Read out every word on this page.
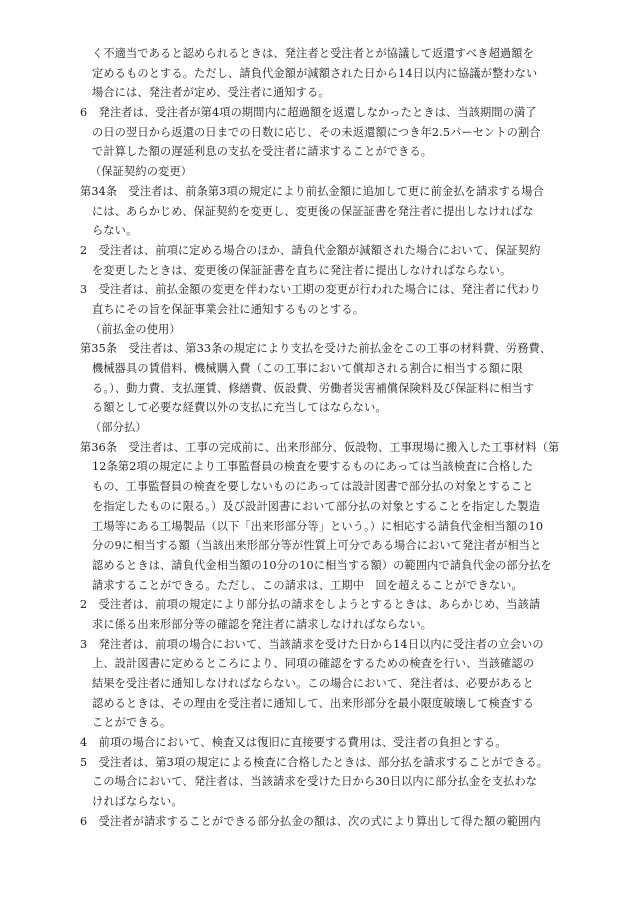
く不適当であると認められるときは、発注者と受注者とが協議して返還すべき超過額を
定めるものとする。ただし、請負代金額が減額された日から14日以内に協議が整わない
場合には、発注者が定め、受注者に通知する。
6　発注者は、受注者が第4項の期間内に超過額を返還しなかったときは、当該期間の満了
の日の翌日から返還の日までの日数に応じ、その未返還額につき年2.5パーセントの割合
で計算した額の遅延利息の支払を受注者に請求することができる。
（保証契約の変更）
第34条　受注者は、前条第3項の規定により前払金額に追加して更に前金払を請求する場合
には、あらかじめ、保証契約を変更し、変更後の保証証書を発注者に提出しなければな
らない。
2　受注者は、前項に定める場合のほか、請負代金額が減額された場合において、保証契約
を変更したときは、変更後の保証証書を直ちに発注者に提出しなければならない。
3　受注者は、前払金額の変更を伴わない工期の変更が行われた場合には、発注者に代わり
直ちにその旨を保証事業会社に通知するものとする。
（前払金の使用）
第35条　受注者は、第33条の規定により支払を受けた前払金をこの工事の材料費、労務費、
機械器具の賃借料、機械購入費（この工事において償却される割合に相当する額に限
る。）、動力費、支払運賃、修繕費、仮設費、労働者災害補償保険料及び保証料に相当す
る額として必要な経費以外の支払に充当してはならない。
（部分払）
第36条　受注者は、工事の完成前に、出来形部分、仮設物、工事現場に搬入した工事材料（第
12条第2項の規定により工事監督員の検査を要するものにあっては当該検査に合格した
もの、工事監督員の検査を要しないものにあっては設計図書で部分払の対象とすること
を指定したものに限る。）及び設計図書において部分払の対象とすることを指定した製造
工場等にある工場製品（以下「出来形部分等」という。）に相応する請負代金相当額の10
分の9に相当する額（当該出来形部分等が性質上可分である場合において発注者が相当と
認めるときは、請負代金相当額の10分の10に相当する額）の範囲内で請負代金の部分払を
請求することができる。ただし、この請求は、工期中　回を超えることができない。
2　受注者は、前項の規定により部分払の請求をしようとするときは、あらかじめ、当該請
求に係る出来形部分等の確認を発注者に請求しなければならない。
3　発注者は、前項の場合において、当該請求を受けた日から14日以内に受注者の立会いの
上、設計図書に定めるところにより、同項の確認をするための検査を行い、当該確認の
結果を受注者に通知しなければならない。この場合において、発注者は、必要があると
認めるときは、その理由を受注者に通知して、出来形部分を最小限度破壊して検査する
ことができる。
4　前項の場合において、検査又は復旧に直接要する費用は、受注者の負担とする。
5　受注者は、第3項の規定による検査に合格したときは、部分払を請求することができる。
この場合において、発注者は、当該請求を受けた日から30日以内に部分払金を支払わな
ければならない。
6　受注者が請求することができる部分払金の額は、次の式により算出して得た額の範囲内
